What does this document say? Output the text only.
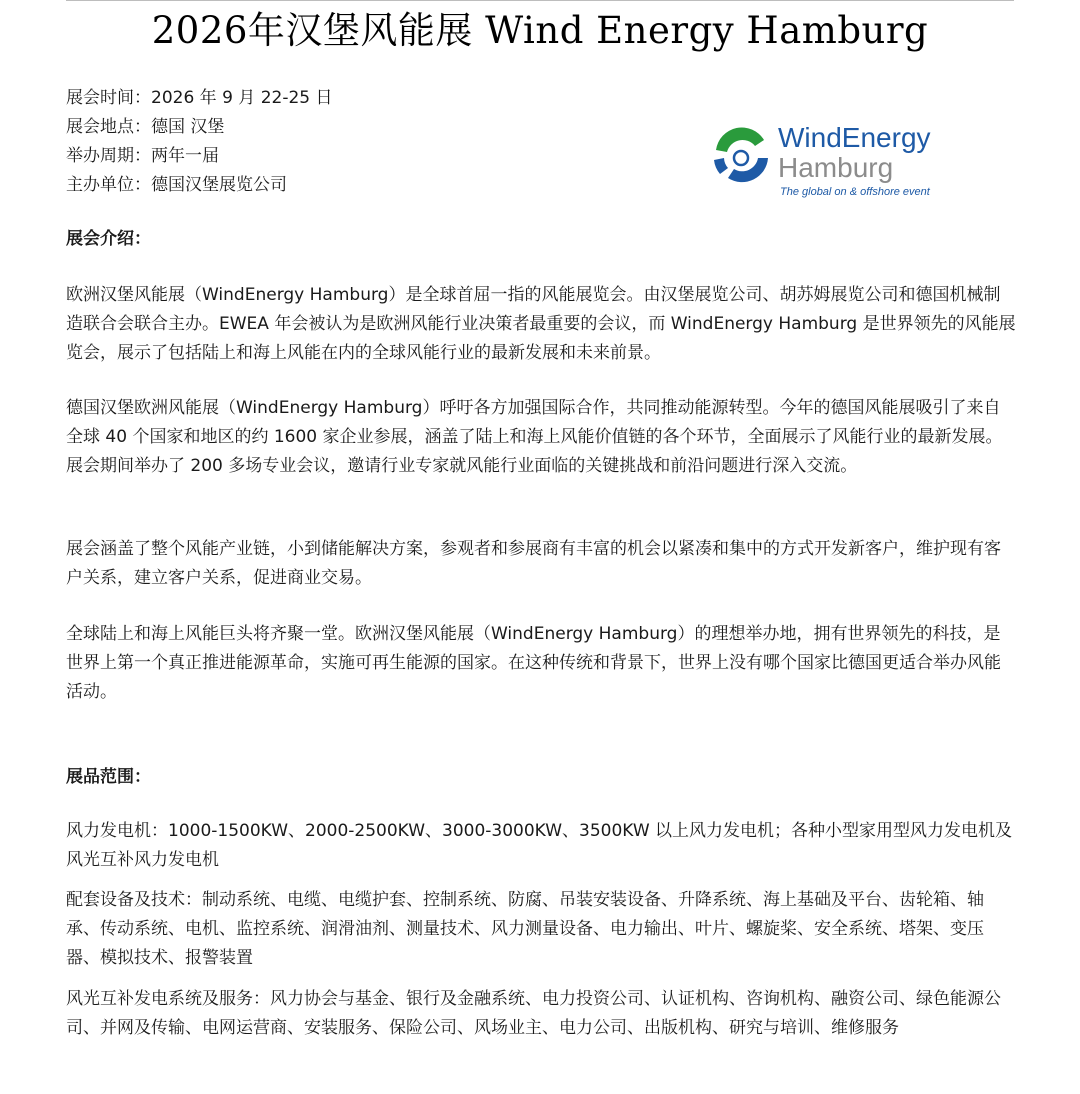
2026年汉堡风能展 Wind Energy Hamburg
展会时间：2026 年 9 月 22-25 日
展会地点：德国 汉堡
举办周期：两年一届
主办单位：德国汉堡展览公司
WindEnergy
Hamburg
The global on & offshore event
展会介绍：

欧洲汉堡风能展（WindEnergy Hamburg）是全球首屈一指的风能展览会。由汉堡展览公司、胡苏姆展览公司和德国机械制造联合会联合主办。EWEA 年会被认为是欧洲风能行业决策者最重要的会议，而 WindEnergy Hamburg 是世界领先的风能展览会，展示了包括陆上和海上风能在内的全球风能行业的最新发展和未来前景。

德国汉堡欧洲风能展（WindEnergy Hamburg）呼吁各方加强国际合作，共同推动能源转型。今年的德国风能展吸引了来自全球 40 个国家和地区的约 1600 家企业参展，涵盖了陆上和海上风能价值链的各个环节，全面展示了风能行业的最新发展。展会期间举办了 200 多场专业会议，邀请行业专家就风能行业面临的关键挑战和前沿问题进行深入交流。

展会涵盖了整个风能产业链，小到储能解决方案，参观者和参展商有丰富的机会以紧凑和集中的方式开发新客户，维护现有客户关系，建立客户关系，促进商业交易。

全球陆上和海上风能巨头将齐聚一堂。欧洲汉堡风能展（WindEnergy Hamburg）的理想举办地，拥有世界领先的科技，是世界上第一个真正推进能源革命，实施可再生能源的国家。在这种传统和背景下，世界上没有哪个国家比德国更适合举办风能活动。

展品范围：

风力发电机：1000-1500KW、2000-2500KW、3000-3000KW、3500KW 以上风力发电机；各种小型家用型风力发电机及风光互补风力发电机

配套设备及技术：制动系统、电缆、电缆护套、控制系统、防腐、吊装安装设备、升降系统、海上基础及平台、齿轮箱、轴承、传动系统、电机、监控系统、润滑油剂、测量技术、风力测量设备、电力输出、叶片、螺旋桨、安全系统、塔架、变压器、模拟技术、报警装置

风光互补发电系统及服务：风力协会与基金、银行及金融系统、电力投资公司、认证机构、咨询机构、融资公司、绿色能源公司、并网及传输、电网运营商、安装服务、保险公司、风场业主、电力公司、出版机构、研究与培训、维修服务
